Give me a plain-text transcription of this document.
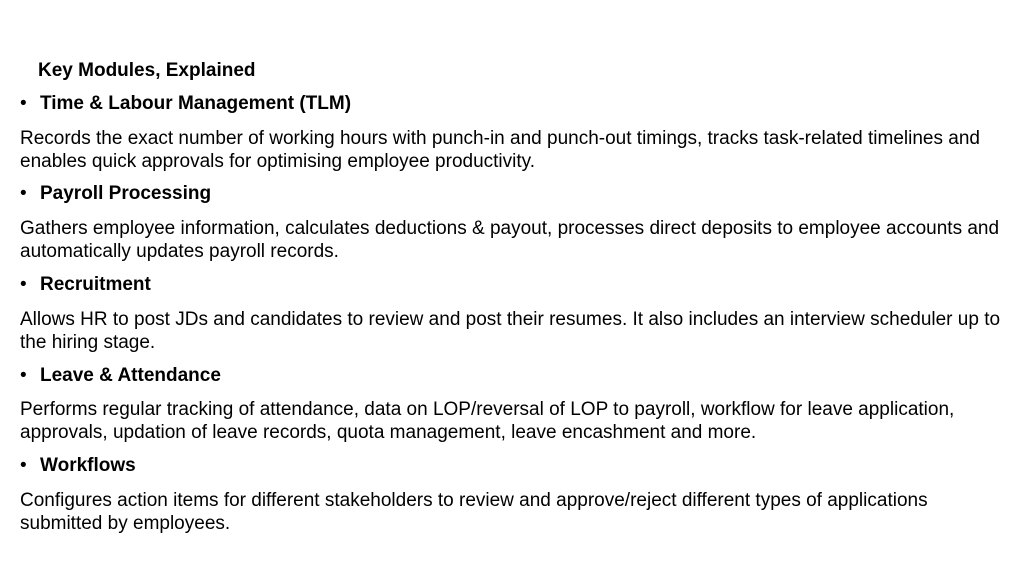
Key Modules, Explained
• Time & Labour Management (TLM)
Records the exact number of working hours with punch-in and punch-out timings, tracks task-related timelines and enables quick approvals for optimising employee productivity.
• Payroll Processing
Gathers employee information, calculates deductions & payout, processes direct deposits to employee accounts and automatically updates payroll records.
• Recruitment
Allows HR to post JDs and candidates to review and post their resumes. It also includes an interview scheduler up to the hiring stage.
• Leave & Attendance
Performs regular tracking of attendance, data on LOP/reversal of LOP to payroll, workflow for leave application, approvals, updation of leave records, quota management, leave encashment and more.
• Workflows
Configures action items for different stakeholders to review and approve/reject different types of applications submitted by employees.
